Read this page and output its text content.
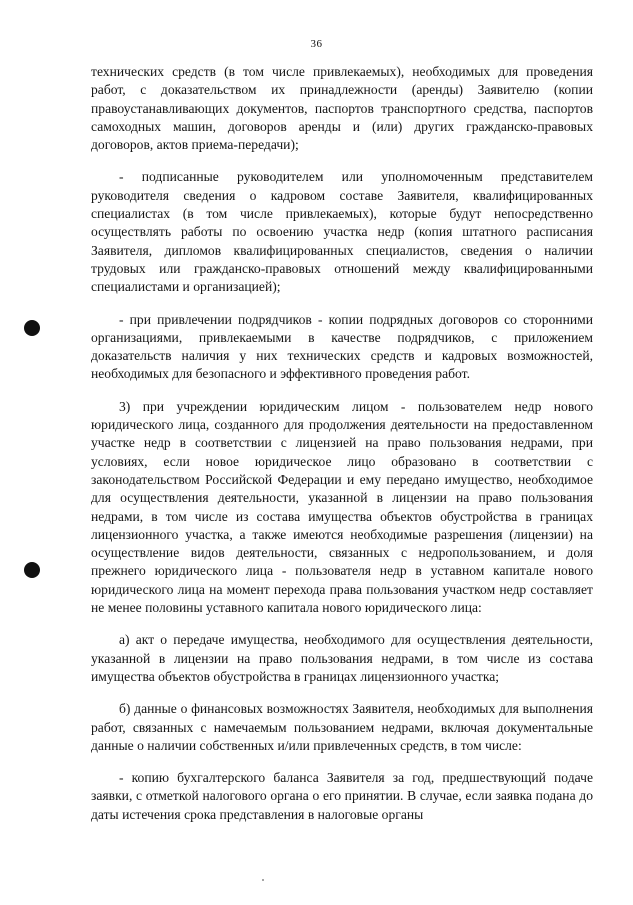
36

технических средств (в том числе привлекаемых), необходимых для проведения работ, с доказательством их принадлежности (аренды) Заявителю (копии правоустанавливающих документов, паспортов транспортного средства, паспортов самоходных машин, договоров аренды и (или) других гражданско-правовых договоров, актов приема-передачи);

- подписанные руководителем или уполномоченным представителем руководителя сведения о кадровом составе Заявителя, квалифицированных специалистах (в том числе привлекаемых), которые будут непосредственно осуществлять работы по освоению участка недр (копия штатного расписания Заявителя, дипломов квалифицированных специалистов, сведения о наличии трудовых или гражданско-правовых отношений между квалифицированными специалистами и организацией);

- при привлечении подрядчиков - копии подрядных договоров со сторонними организациями, привлекаемыми в качестве подрядчиков, с приложением доказательств наличия у них технических средств и кадровых возможностей, необходимых для безопасного и эффективного проведения работ.

3) при учреждении юридическим лицом - пользователем недр нового юридического лица, созданного для продолжения деятельности на предоставленном участке недр в соответствии с лицензией на право пользования недрами, при условиях, если новое юридическое лицо образовано в соответствии с законодательством Российской Федерации и ему передано имущество, необходимое для осуществления деятельности, указанной в лицензии на право пользования недрами, в том числе из состава имущества объектов обустройства в границах лицензионного участка, а также имеются необходимые разрешения (лицензии) на осуществление видов деятельности, связанных с недропользованием, и доля прежнего юридического лица - пользователя недр в уставном капитале нового юридического лица на момент перехода права пользования участком недр составляет не менее половины уставного капитала нового юридического лица:

а) акт о передаче имущества, необходимого для осуществления деятельности, указанной в лицензии на право пользования недрами, в том числе из состава имущества объектов обустройства в границах лицензионного участка;

б) данные о финансовых возможностях Заявителя, необходимых для выполнения работ, связанных с намечаемым пользованием недрами, включая документальные данные о наличии собственных и/или привлеченных средств, в том числе:

- копию бухгалтерского баланса Заявителя за год, предшествующий подаче заявки, с отметкой налогового органа о его принятии. В случае, если заявка подана до даты истечения срока представления в налоговые органы
